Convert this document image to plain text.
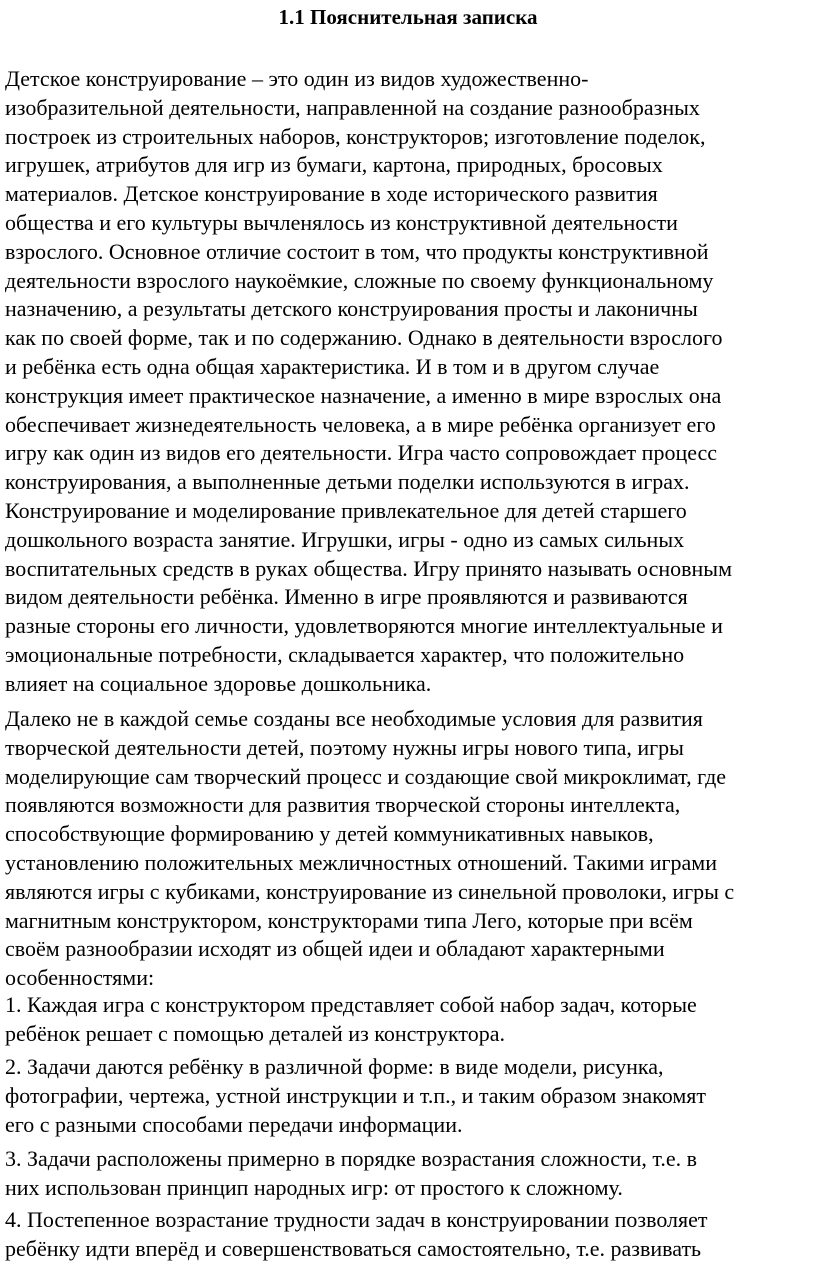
1.1 Пояснительная записка

Детское конструирование – это один из видов художественно-
изобразительной деятельности, направленной на создание разнообразных
построек из строительных наборов, конструкторов; изготовление поделок,
игрушек, атрибутов для игр из бумаги, картона, природных, бросовых
материалов. Детское конструирование в ходе исторического развития
общества и его культуры вычленялось из конструктивной деятельности
взрослого. Основное отличие состоит в том, что продукты конструктивной
деятельности взрослого наукоёмкие, сложные по своему функциональному
назначению, а результаты детского конструирования просты и лаконичны
как по своей форме, так и по содержанию. Однако в деятельности взрослого
и ребёнка есть одна общая характеристика. И в том и в другом случае
конструкция имеет практическое назначение, а именно в мире взрослых она
обеспечивает жизнедеятельность человека, а в мире ребёнка организует его
игру как один из видов его деятельности. Игра часто сопровождает процесс
конструирования, а выполненные детьми поделки используются в играх.

Конструирование и моделирование привлекательное для детей старшего
дошкольного возраста занятие. Игрушки, игры - одно из самых сильных
воспитательных средств в руках общества. Игру принято называть основным
видом деятельности ребёнка. Именно в игре проявляются и развиваются
разные стороны его личности, удовлетворяются многие интеллектуальные и
эмоциональные потребности, складывается характер, что положительно
влияет на социальное здоровье дошкольника.

Далеко не в каждой семье созданы все необходимые условия для развития
творческой деятельности детей, поэтому нужны игры нового типа, игры
моделирующие сам творческий процесс и создающие свой микроклимат, где
появляются возможности для развития творческой стороны интеллекта,
способствующие формированию у детей коммуникативных навыков,
установлению положительных межличностных отношений. Такими играми
являются игры с кубиками, конструирование из синельной проволоки, игры с
магнитным конструктором, конструкторами типа Лего, которые при всём
своём разнообразии исходят из общей идеи и обладают характерными
особенностями:

1. Каждая игра с конструктором представляет собой набор задач, которые
ребёнок решает с помощью деталей из конструктора.

2. Задачи даются ребёнку в различной форме: в виде модели, рисунка,
фотографии, чертежа, устной инструкции и т.п., и таким образом знакомят
его с разными способами передачи информации.

3. Задачи расположены примерно в порядке возрастания сложности, т.е. в
них использован принцип народных игр: от простого к сложному.

4. Постепенное возрастание трудности задач в конструировании позволяет
ребёнку идти вперёд и совершенствоваться самостоятельно, т.е. развивать
